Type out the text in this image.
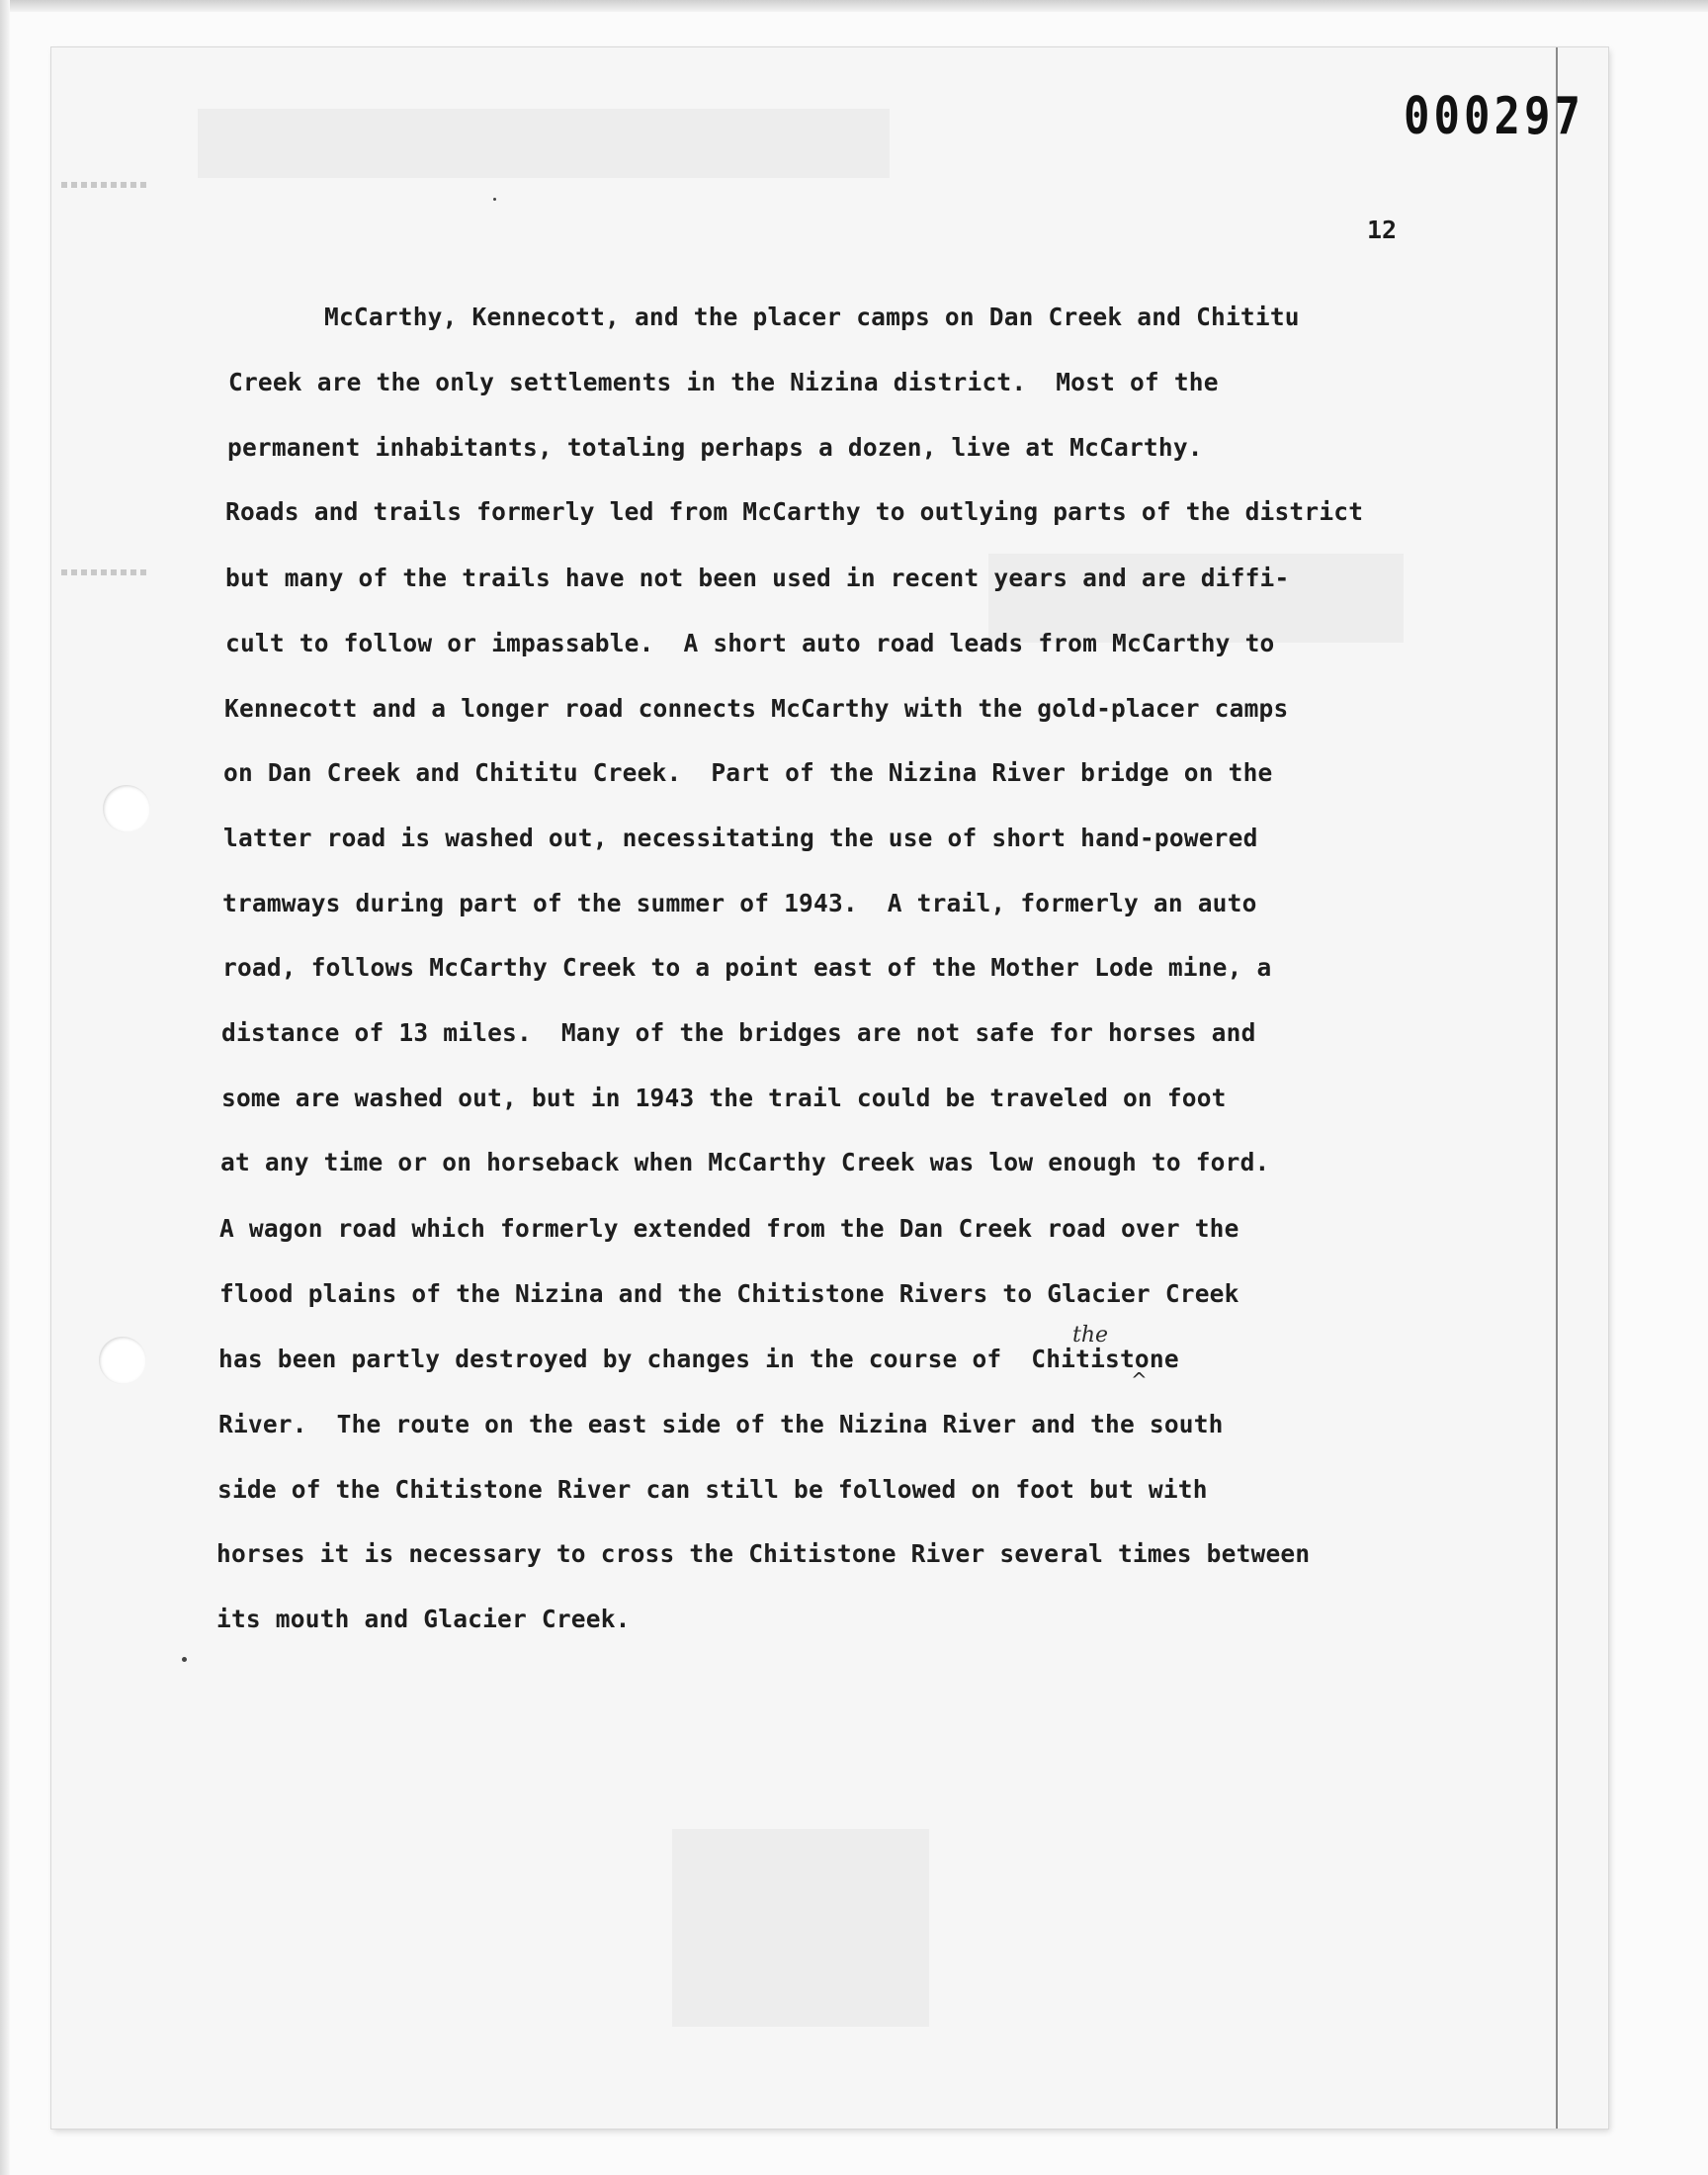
000297
12
McCarthy, Kennecott, and the placer camps on Dan Creek and Chititu
Creek are the only settlements in the Nizina district.  Most of the
permanent inhabitants, totaling perhaps a dozen, live at McCarthy.
Roads and trails formerly led from McCarthy to outlying parts of the district
but many of the trails have not been used in recent years and are diffi-
cult to follow or impassable.  A short auto road leads from McCarthy to
Kennecott and a longer road connects McCarthy with the gold-placer camps
on Dan Creek and Chititu Creek.  Part of the Nizina River bridge on the
latter road is washed out, necessitating the use of short hand-powered
tramways during part of the summer of 1943.  A trail, formerly an auto
road, follows McCarthy Creek to a point east of the Mother Lode mine, a
distance of 13 miles.  Many of the bridges are not safe for horses and
some are washed out, but in 1943 the trail could be traveled on foot
at any time or on horseback when McCarthy Creek was low enough to ford.
A wagon road which formerly extended from the Dan Creek road over the
flood plains of the Nizina and the Chitistone Rivers to Glacier Creek
has been partly destroyed by changes in the course of  Chitistone
River.  The route on the east side of the Nizina River and the south
side of the Chitistone River can still be followed on foot but with
horses it is necessary to cross the Chitistone River several times between
its mouth and Glacier Creek.
the
^
